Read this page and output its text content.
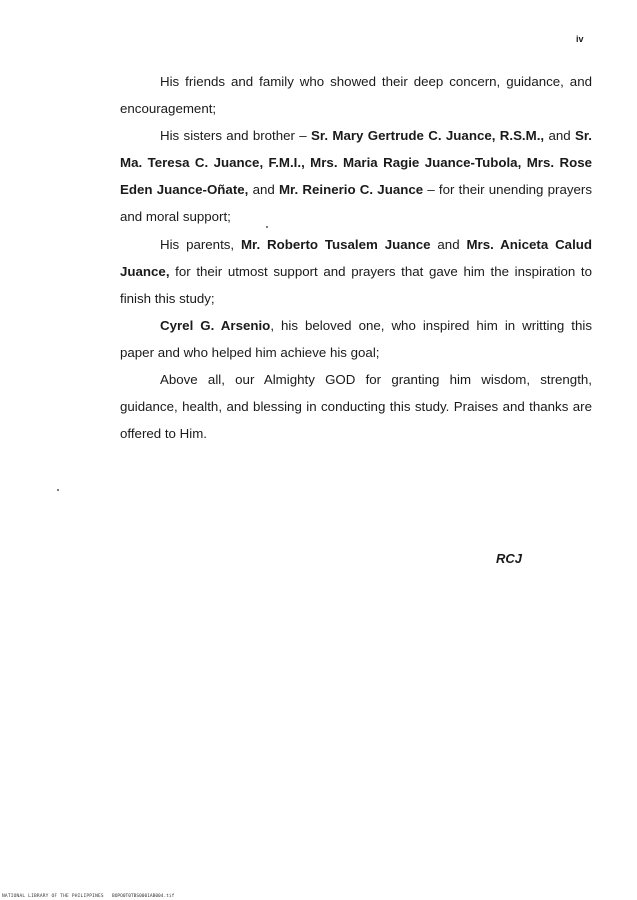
iv

His friends and family who showed their deep concern, guidance, and encouragement;

His sisters and brother – Sr. Mary Gertrude C. Juance, R.S.M., and Sr. Ma. Teresa C. Juance, F.M.I., Mrs. Maria Ragie Juance-Tubola, Mrs. Rose Eden Juance-Oñate, and Mr. Reinerio C. Juance – for their unending prayers and moral support;

His parents, Mr. Roberto Tusalem Juance and Mrs. Aniceta Calud Juance, for their utmost support and prayers that gave him the inspiration to finish this study;

Cyrel G. Arsenio, his beloved one, who inspired him in writting this paper and who helped him achieve his goal;

Above all, our Almighty GOD for granting him wisdom, strength, guidance, health, and blessing in conducting this study. Praises and thanks are offered to Him.

RCJ
NATIONAL LIBRARY OF THE PHILIPPINES BOPO0T0TBS0001AB004.tif
